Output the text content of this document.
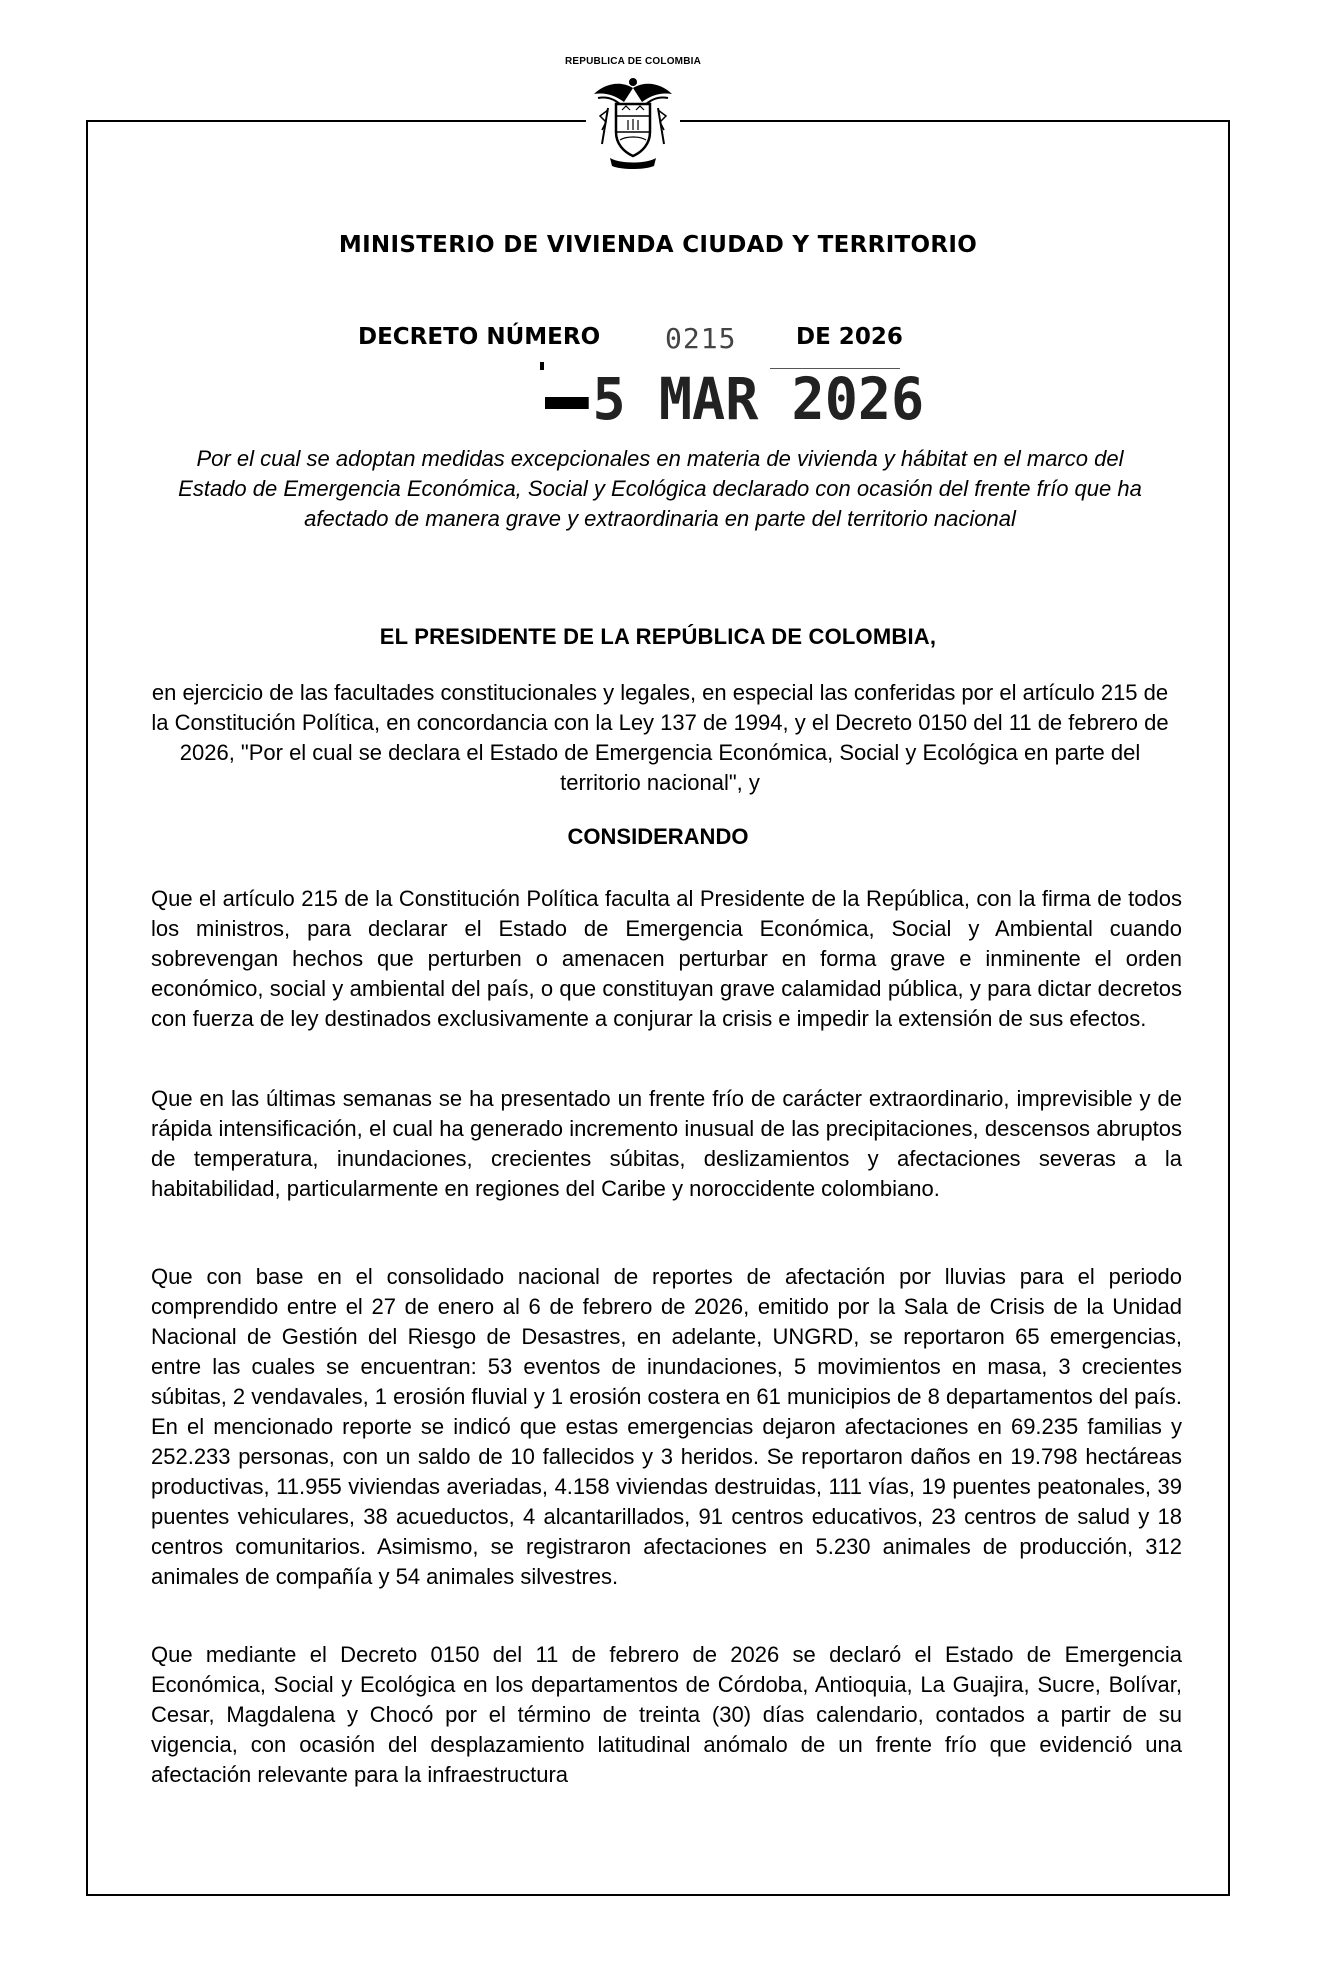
REPUBLICA DE COLOMBIA
MINISTERIO DE VIVIENDA CIUDAD Y TERRITORIO
DECRETO NÚMERO 0215	DE 2026
5 MAR 2026
Por el cual se adoptan medidas excepcionales en materia de vivienda y hábitat en el marco del Estado de Emergencia Económica, Social y Ecológica declarado con ocasión del frente frío que ha afectado de manera grave y extraordinaria en parte del territorio nacional
EL PRESIDENTE DE LA REPÚBLICA DE COLOMBIA,
en ejercicio de las facultades constitucionales y legales, en especial las conferidas por el artículo 215 de la Constitución Política, en concordancia con la Ley 137 de 1994, y el Decreto 0150 del 11 de febrero de 2026, "Por el cual se declara el Estado de Emergencia Económica, Social y Ecológica en parte del territorio nacional", y
CONSIDERANDO
Que el artículo 215 de la Constitución Política faculta al Presidente de la República, con la firma de todos los ministros, para declarar el Estado de Emergencia Económica, Social y Ambiental cuando sobrevengan hechos que perturben o amenacen perturbar en forma grave e inminente el orden económico, social y ambiental del país, o que constituyan grave calamidad pública, y para dictar decretos con fuerza de ley destinados exclusivamente a conjurar la crisis e impedir la extensión de sus efectos.
Que en las últimas semanas se ha presentado un frente frío de carácter extraordinario, imprevisible y de rápida intensificación, el cual ha generado incremento inusual de las precipitaciones, descensos abruptos de temperatura, inundaciones, crecientes súbitas, deslizamientos y afectaciones severas a la habitabilidad, particularmente en regiones del Caribe y noroccidente colombiano.
Que con base en el consolidado nacional de reportes de afectación por lluvias para el periodo comprendido entre el 27 de enero al 6 de febrero de 2026, emitido por la Sala de Crisis de la Unidad Nacional de Gestión del Riesgo de Desastres, en adelante, UNGRD, se reportaron 65 emergencias, entre las cuales se encuentran: 53 eventos de inundaciones, 5 movimientos en masa, 3 crecientes súbitas, 2 vendavales, 1 erosión fluvial y 1 erosión costera en 61 municipios de 8 departamentos del país. En el mencionado reporte se indicó que estas emergencias dejaron afectaciones en 69.235 familias y 252.233 personas, con un saldo de 10 fallecidos y 3 heridos. Se reportaron daños en 19.798 hectáreas productivas, 11.955 viviendas averiadas, 4.158 viviendas destruidas, 111 vías, 19 puentes peatonales, 39 puentes vehiculares, 38 acueductos, 4 alcantarillados, 91 centros educativos, 23 centros de salud y 18 centros comunitarios. Asimismo, se registraron afectaciones en 5.230 animales de producción, 312 animales de compañía y 54 animales silvestres.
Que mediante el Decreto 0150 del 11 de febrero de 2026 se declaró el Estado de Emergencia Económica, Social y Ecológica en los departamentos de Córdoba, Antioquia, La Guajira, Sucre, Bolívar, Cesar, Magdalena y Chocó por el término de treinta (30) días calendario, contados a partir de su vigencia, con ocasión del desplazamiento latitudinal anómalo de un frente frío que evidenció una afectación relevante para la infraestructura
